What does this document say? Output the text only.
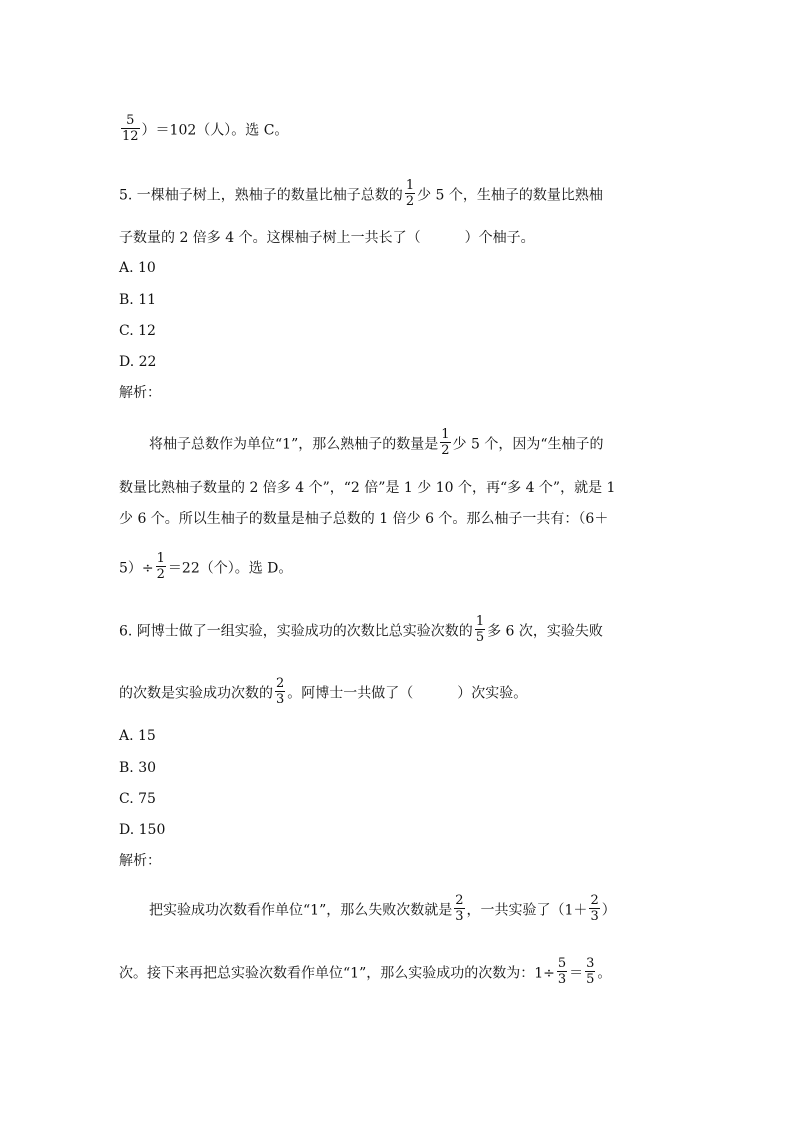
$\frac{5}{12} )=102$（人）。选 C。
5. 一棵柚子树上，熟柚子的数量比柚子总数的 $\frac{1}{2}$ 少 5 个，生柚子的数量比熟柚
子数量的 2 倍多 4 个。这棵柚子树上一共长了（	）个柚子。
A. 10
B. 11
C. 12
D. 22
解析：
将柚子总数作为单位“1”，那么熟柚子的数量是 $\frac{1}{2}$ 少 5 个，因为“生柚子的
数量比熟柚子数量的 2 倍多 4 个”，“2 倍”是 1 少 10 个，再“多 4 个”，就是 1
少 6 个。所以生柚子的数量是柚子总数的 1 倍少 6 个。那么柚子一共有：（6＋
$5)\div \frac{1}{2} =22$（个）。选 D。
6. 阿博士做了一组实验，实验成功的次数比总实验次数的 $\frac{1}{5}$ 多 6 次，实验失败
的次数是实验成功次数的 $\frac{2}{3}$ 。阿博士一共做了（	）次实验。
A. 15
B. 30
C. 75
D. 150
解析：
把实验成功次数看作单位“1”，那么失败次数就是 $\frac{2}{3}$ ，一共实验了（$1+ \frac{2}{3}$ ）
次。接下来再把总实验次数看作单位“1”，那么实验成功的次数为：$1\div \frac{5}{3} = \frac{3}{5}$ 。
